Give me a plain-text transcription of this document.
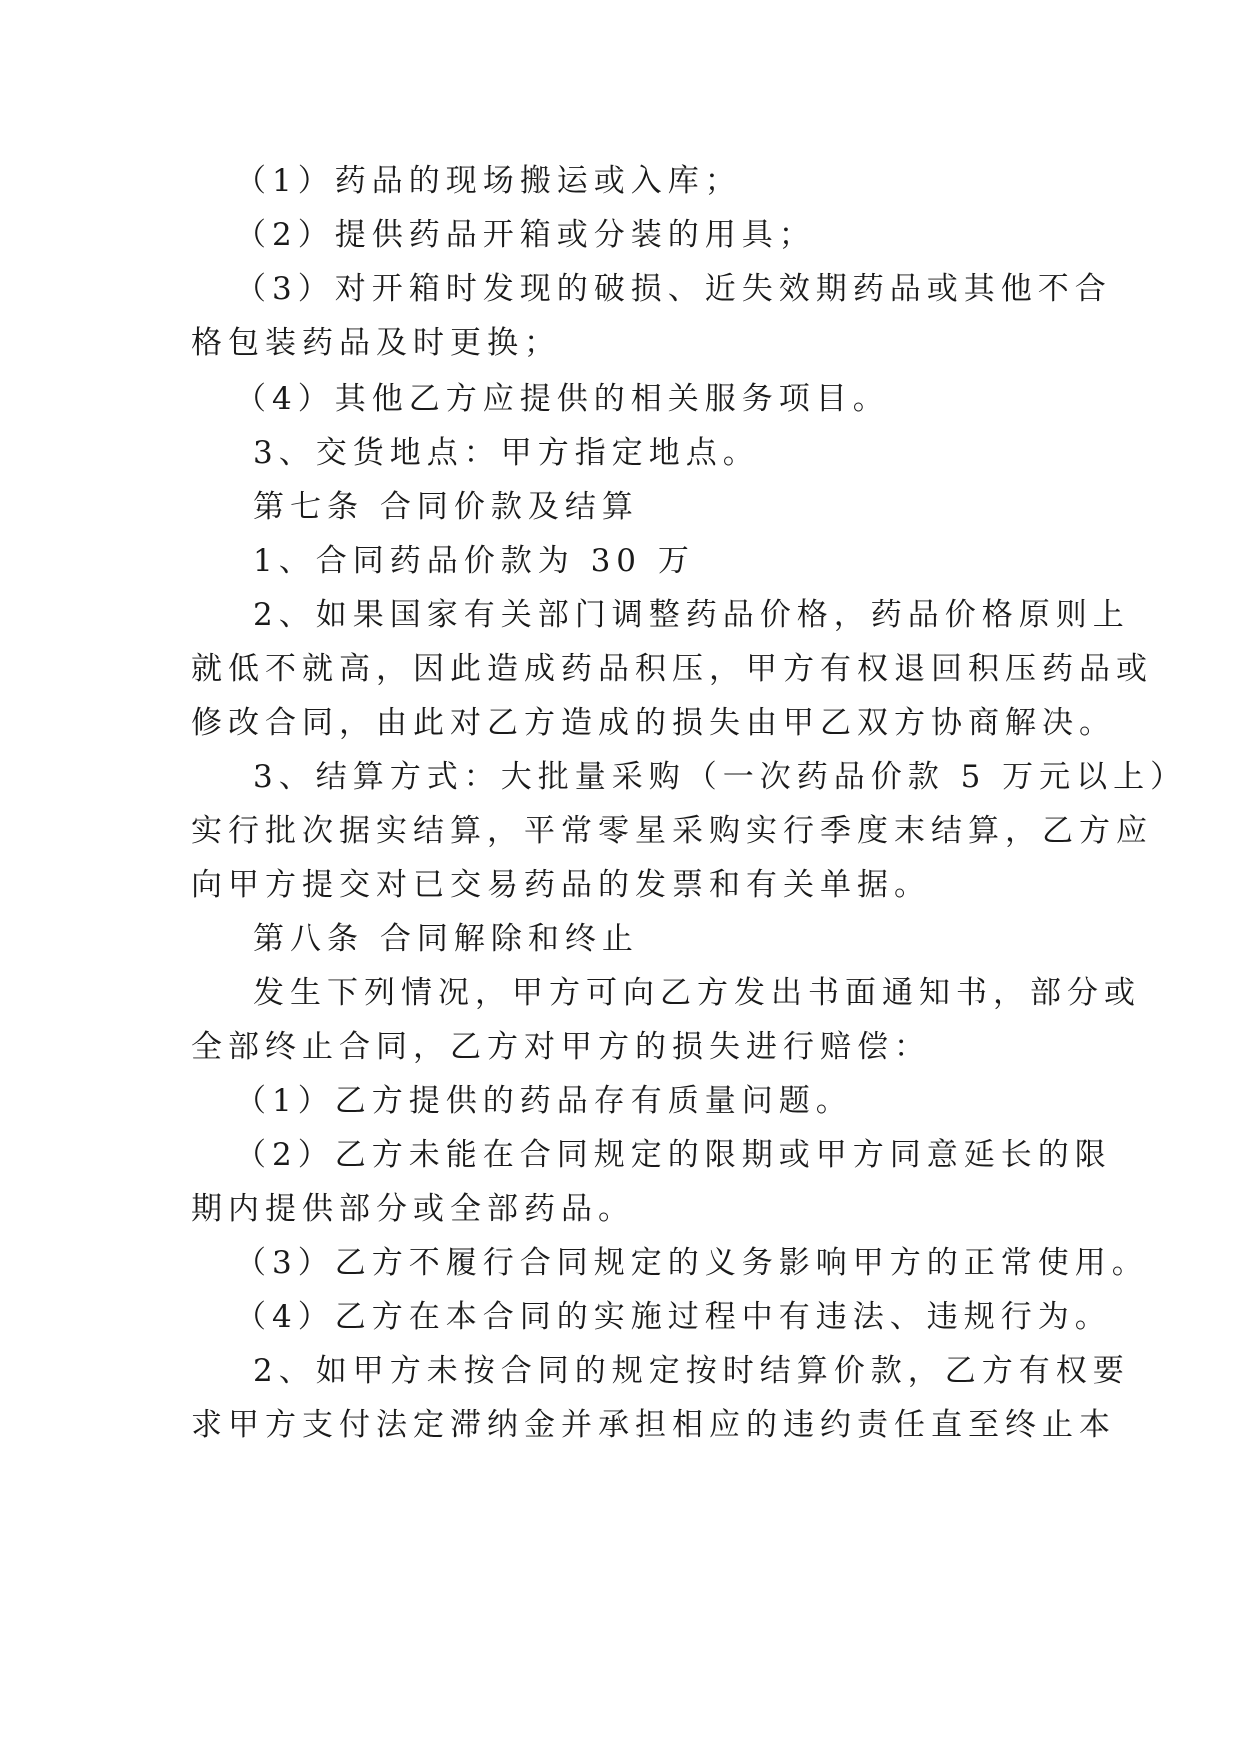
（1）药品的现场搬运或入库；
（2）提供药品开箱或分装的用具；
（3）对开箱时发现的破损、近失效期药品或其他不合
格包装药品及时更换；
（4）其他乙方应提供的相关服务项目。
3、交货地点：甲方指定地点。
第七条 合同价款及结算
1、合同药品价款为 30 万
2、如果国家有关部门调整药品价格，药品价格原则上
就低不就高，因此造成药品积压，甲方有权退回积压药品或
修改合同，由此对乙方造成的损失由甲乙双方协商解决。
3、结算方式：大批量采购（一次药品价款 5 万元以上）
实行批次据实结算，平常零星采购实行季度末结算，乙方应
向甲方提交对已交易药品的发票和有关单据。
第八条 合同解除和终止
发生下列情况，甲方可向乙方发出书面通知书，部分或
全部终止合同，乙方对甲方的损失进行赔偿：
（1）乙方提供的药品存有质量问题。
（2）乙方未能在合同规定的限期或甲方同意延长的限
期内提供部分或全部药品。
（3）乙方不履行合同规定的义务影响甲方的正常使用。
（4）乙方在本合同的实施过程中有违法、违规行为。
2、如甲方未按合同的规定按时结算价款，乙方有权要
求甲方支付法定滞纳金并承担相应的违约责任直至终止本
